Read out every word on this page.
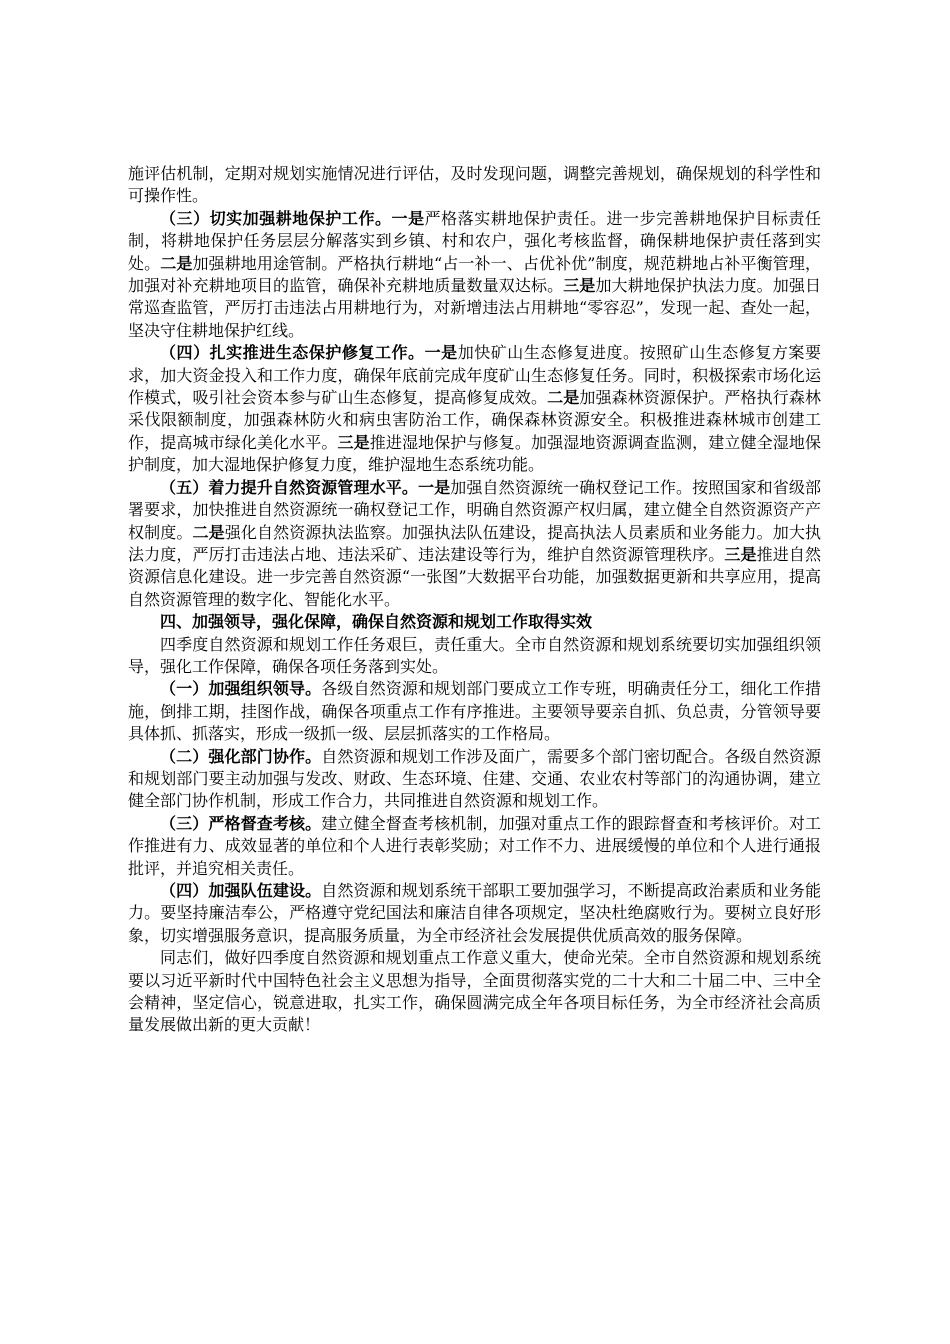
施评估机制，定期对规划实施情况进行评估，及时发现问题，调整完善规划，确保规划的科学性和可操作性。

（三）切实加强耕地保护工作。一是严格落实耕地保护责任。进一步完善耕地保护目标责任制，将耕地保护任务层层分解落实到乡镇、村和农户，强化考核监督，确保耕地保护责任落到实处。二是加强耕地用途管制。严格执行耕地“占一补一、占优补优”制度，规范耕地占补平衡管理，加强对补充耕地项目的监管，确保补充耕地质量数量双达标。三是加大耕地保护执法力度。加强日常巡查监管，严厉打击违法占用耕地行为，对新增违法占用耕地“零容忍”，发现一起、查处一起，坚决守住耕地保护红线。

（四）扎实推进生态保护修复工作。一是加快矿山生态修复进度。按照矿山生态修复方案要求，加大资金投入和工作力度，确保年底前完成年度矿山生态修复任务。同时，积极探索市场化运作模式，吸引社会资本参与矿山生态修复，提高修复成效。二是加强森林资源保护。严格执行森林采伐限额制度，加强森林防火和病虫害防治工作，确保森林资源安全。积极推进森林城市创建工作，提高城市绿化美化水平。三是推进湿地保护与修复。加强湿地资源调查监测，建立健全湿地保护制度，加大湿地保护修复力度，维护湿地生态系统功能。

（五）着力提升自然资源管理水平。一是加强自然资源统一确权登记工作。按照国家和省级部署要求，加快推进自然资源统一确权登记工作，明确自然资源产权归属，建立健全自然资源资产产权制度。二是强化自然资源执法监察。加强执法队伍建设，提高执法人员素质和业务能力。加大执法力度，严厉打击违法占地、违法采矿、违法建设等行为，维护自然资源管理秩序。三是推进自然资源信息化建设。进一步完善自然资源“一张图”大数据平台功能，加强数据更新和共享应用，提高自然资源管理的数字化、智能化水平。

四、加强领导，强化保障，确保自然资源和规划工作取得实效

四季度自然资源和规划工作任务艰巨，责任重大。全市自然资源和规划系统要切实加强组织领导，强化工作保障，确保各项任务落到实处。

（一）加强组织领导。各级自然资源和规划部门要成立工作专班，明确责任分工，细化工作措施，倒排工期，挂图作战，确保各项重点工作有序推进。主要领导要亲自抓、负总责，分管领导要具体抓、抓落实，形成一级抓一级、层层抓落实的工作格局。

（二）强化部门协作。自然资源和规划工作涉及面广，需要多个部门密切配合。各级自然资源和规划部门要主动加强与发改、财政、生态环境、住建、交通、农业农村等部门的沟通协调，建立健全部门协作机制，形成工作合力，共同推进自然资源和规划工作。

（三）严格督查考核。建立健全督查考核机制，加强对重点工作的跟踪督查和考核评价。对工作推进有力、成效显著的单位和个人进行表彰奖励；对工作不力、进展缓慢的单位和个人进行通报批评，并追究相关责任。

（四）加强队伍建设。自然资源和规划系统干部职工要加强学习，不断提高政治素质和业务能力。要坚持廉洁奉公，严格遵守党纪国法和廉洁自律各项规定，坚决杜绝腐败行为。要树立良好形象，切实增强服务意识，提高服务质量，为全市经济社会发展提供优质高效的服务保障。

同志们，做好四季度自然资源和规划重点工作意义重大，使命光荣。全市自然资源和规划系统要以习近平新时代中国特色社会主义思想为指导，全面贯彻落实党的二十大和二十届二中、三中全会精神，坚定信心，锐意进取，扎实工作，确保圆满完成全年各项目标任务，为全市经济社会高质量发展做出新的更大贡献！
